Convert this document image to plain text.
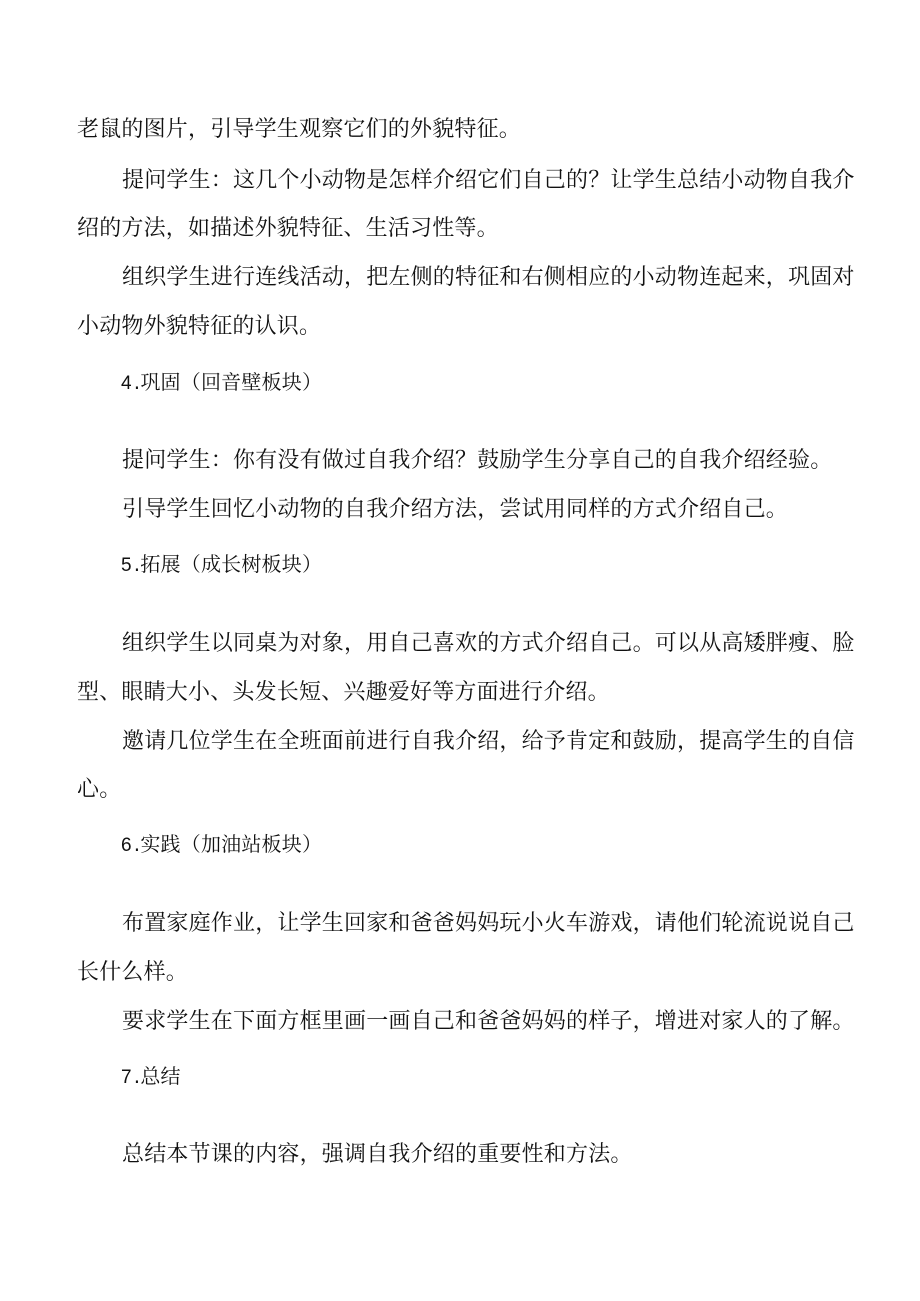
老鼠的图片，引导学生观察它们的外貌特征。
提问学生：这几个小动物是怎样介绍它们自己的？让学生总结小动物自我介
绍的方法，如描述外貌特征、生活习性等。
组织学生进行连线活动，把左侧的特征和右侧相应的小动物连起来，巩固对
小动物外貌特征的认识。
4 .巩固（回音壁板块）
提问学生：你有没有做过自我介绍？鼓励学生分享自己的自我介绍经验。
引导学生回忆小动物的自我介绍方法，尝试用同样的方式介绍自己。
5 .拓展（成长树板块）
组织学生以同桌为对象，用自己喜欢的方式介绍自己。可以从高矮胖瘦、脸
型、眼睛大小、头发长短、兴趣爱好等方面进行介绍。
邀请几位学生在全班面前进行自我介绍，给予肯定和鼓励，提高学生的自信
心。
6 .实践（加油站板块）
布置家庭作业，让学生回家和爸爸妈妈玩小火车游戏，请他们轮流说说自己
长什么样。
要求学生在下面方框里画一画自己和爸爸妈妈的样子，增进对家人的了解。
7 .总结
总结本节课的内容，强调自我介绍的重要性和方法。
